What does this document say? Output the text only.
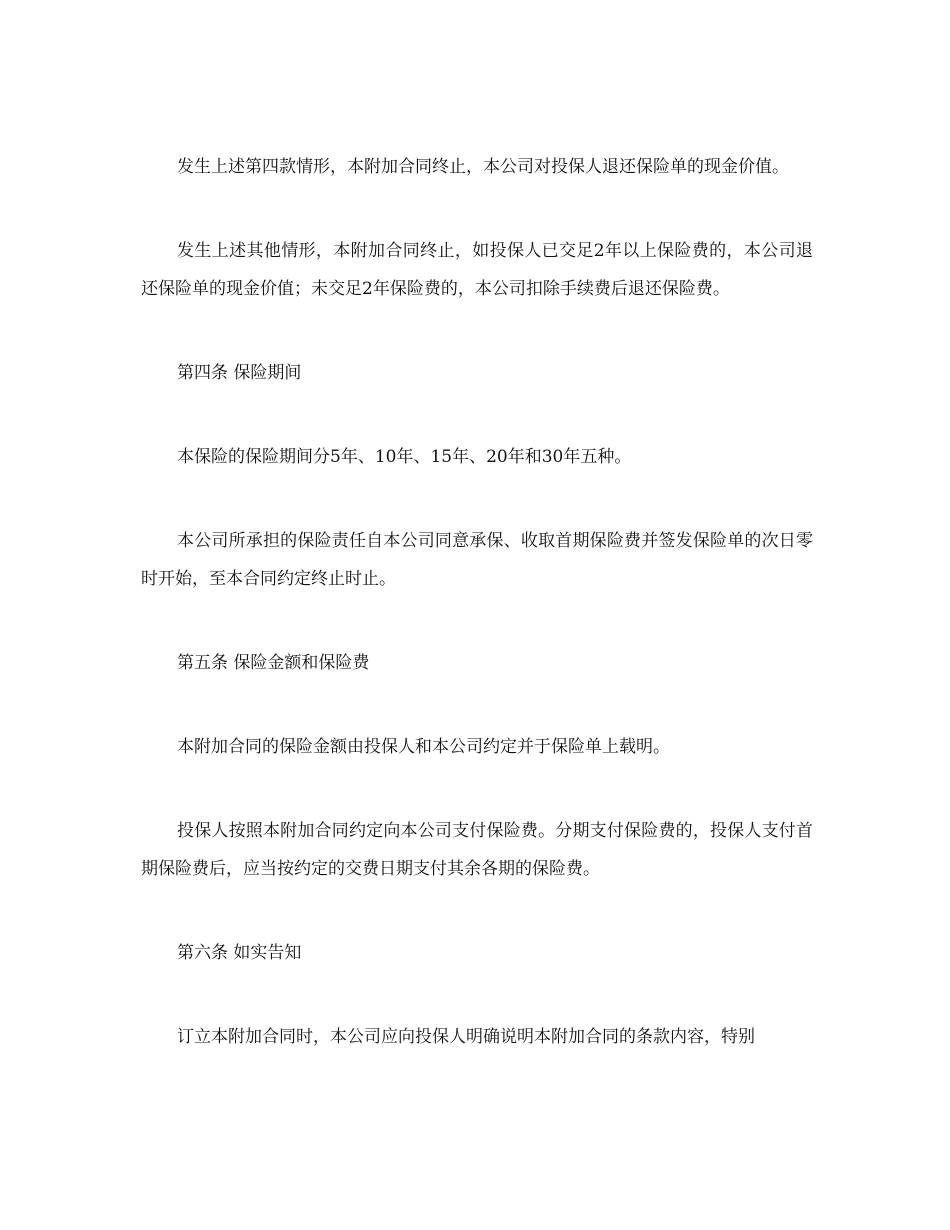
发生上述第四款情形，本附加合同终止，本公司对投保人退还保险单的现金价值。

发生上述其他情形，本附加合同终止，如投保人已交足2年以上保险费的，本公司退还保险单的现金价值；未交足2年保险费的，本公司扣除手续费后退还保险费。

第四条 保险期间

本保险的保险期间分5年、10年、15年、20年和30年五种。

本公司所承担的保险责任自本公司同意承保、收取首期保险费并签发保险单的次日零时开始，至本合同约定终止时止。

第五条 保险金额和保险费

本附加合同的保险金额由投保人和本公司约定并于保险单上载明。

投保人按照本附加合同约定向本公司支付保险费。分期支付保险费的，投保人支付首期保险费后，应当按约定的交费日期支付其余各期的保险费。

第六条 如实告知

订立本附加合同时，本公司应向投保人明确说明本附加合同的条款内容，特别
